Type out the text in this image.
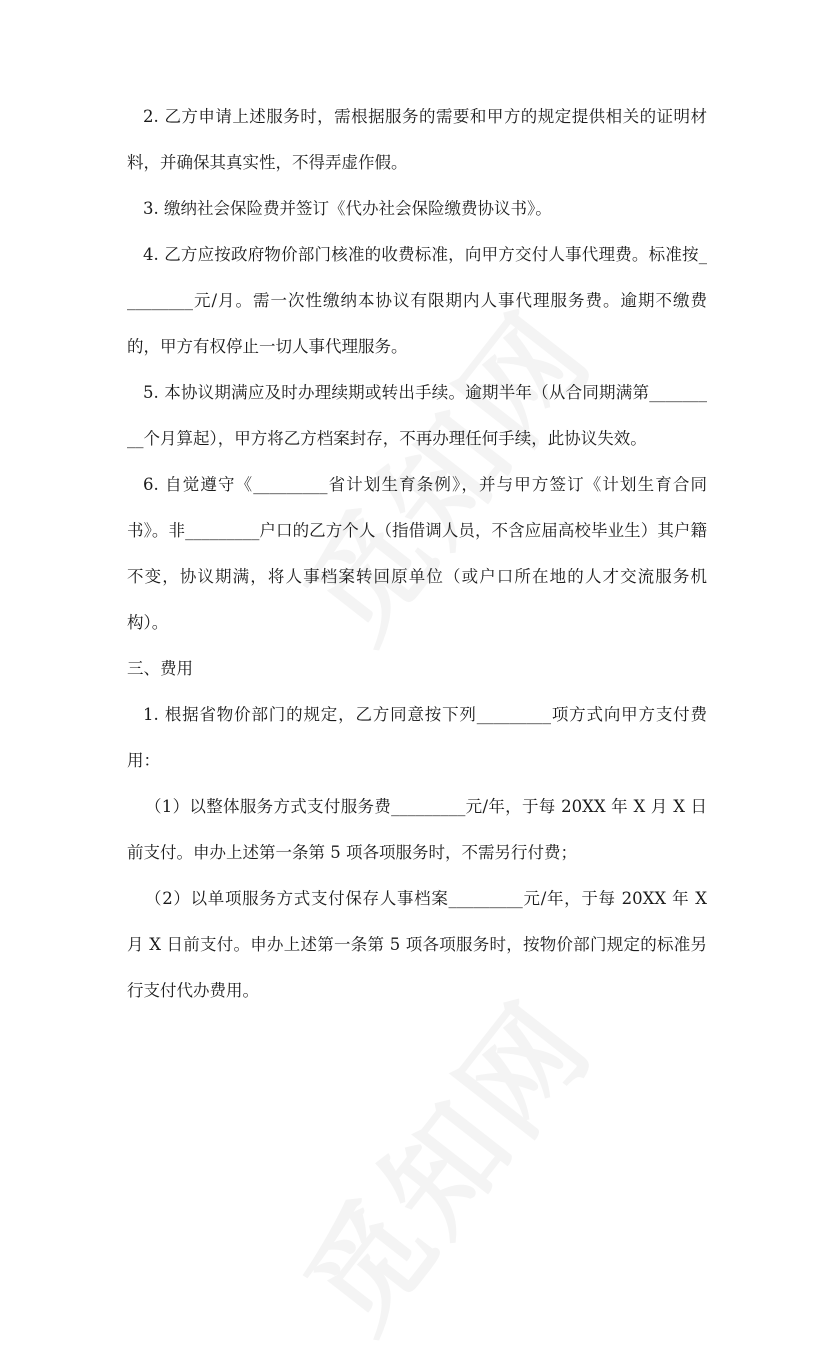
2. 乙方申请上述服务时，需根据服务的需要和甲方的规定提供相关的证明材料，并确保其真实性，不得弄虚作假。

3. 缴纳社会保险费并签订《代办社会保险缴费协议书》。

4. 乙方应按政府物价部门核准的收费标准，向甲方交付人事代理费。标准按_________元/月。需一次性缴纳本协议有限期内人事代理服务费。逾期不缴费的，甲方有权停止一切人事代理服务。

5. 本协议期满应及时办理续期或转出手续。逾期半年（从合同期满第_________个月算起），甲方将乙方档案封存，不再办理任何手续，此协议失效。

6. 自觉遵守《_________省计划生育条例》，并与甲方签订《计划生育合同书》。非_________户口的乙方个人（指借调人员，不含应届高校毕业生）其户籍不变，协议期满，将人事档案转回原单位（或户口所在地的人才交流服务机构）。

三、费用

1. 根据省物价部门的规定，乙方同意按下列_________项方式向甲方支付费用：

（1）以整体服务方式支付服务费_________元/年，于每 20XX 年 X 月 X 日前支付。申办上述第一条第 5 项各项服务时，不需另行付费；

（2）以单项服务方式支付保存人事档案_________元/年，于每 20XX 年 X 月 X 日前支付。申办上述第一条第 5 项各项服务时，按物价部门规定的标准另行支付代办费用。
